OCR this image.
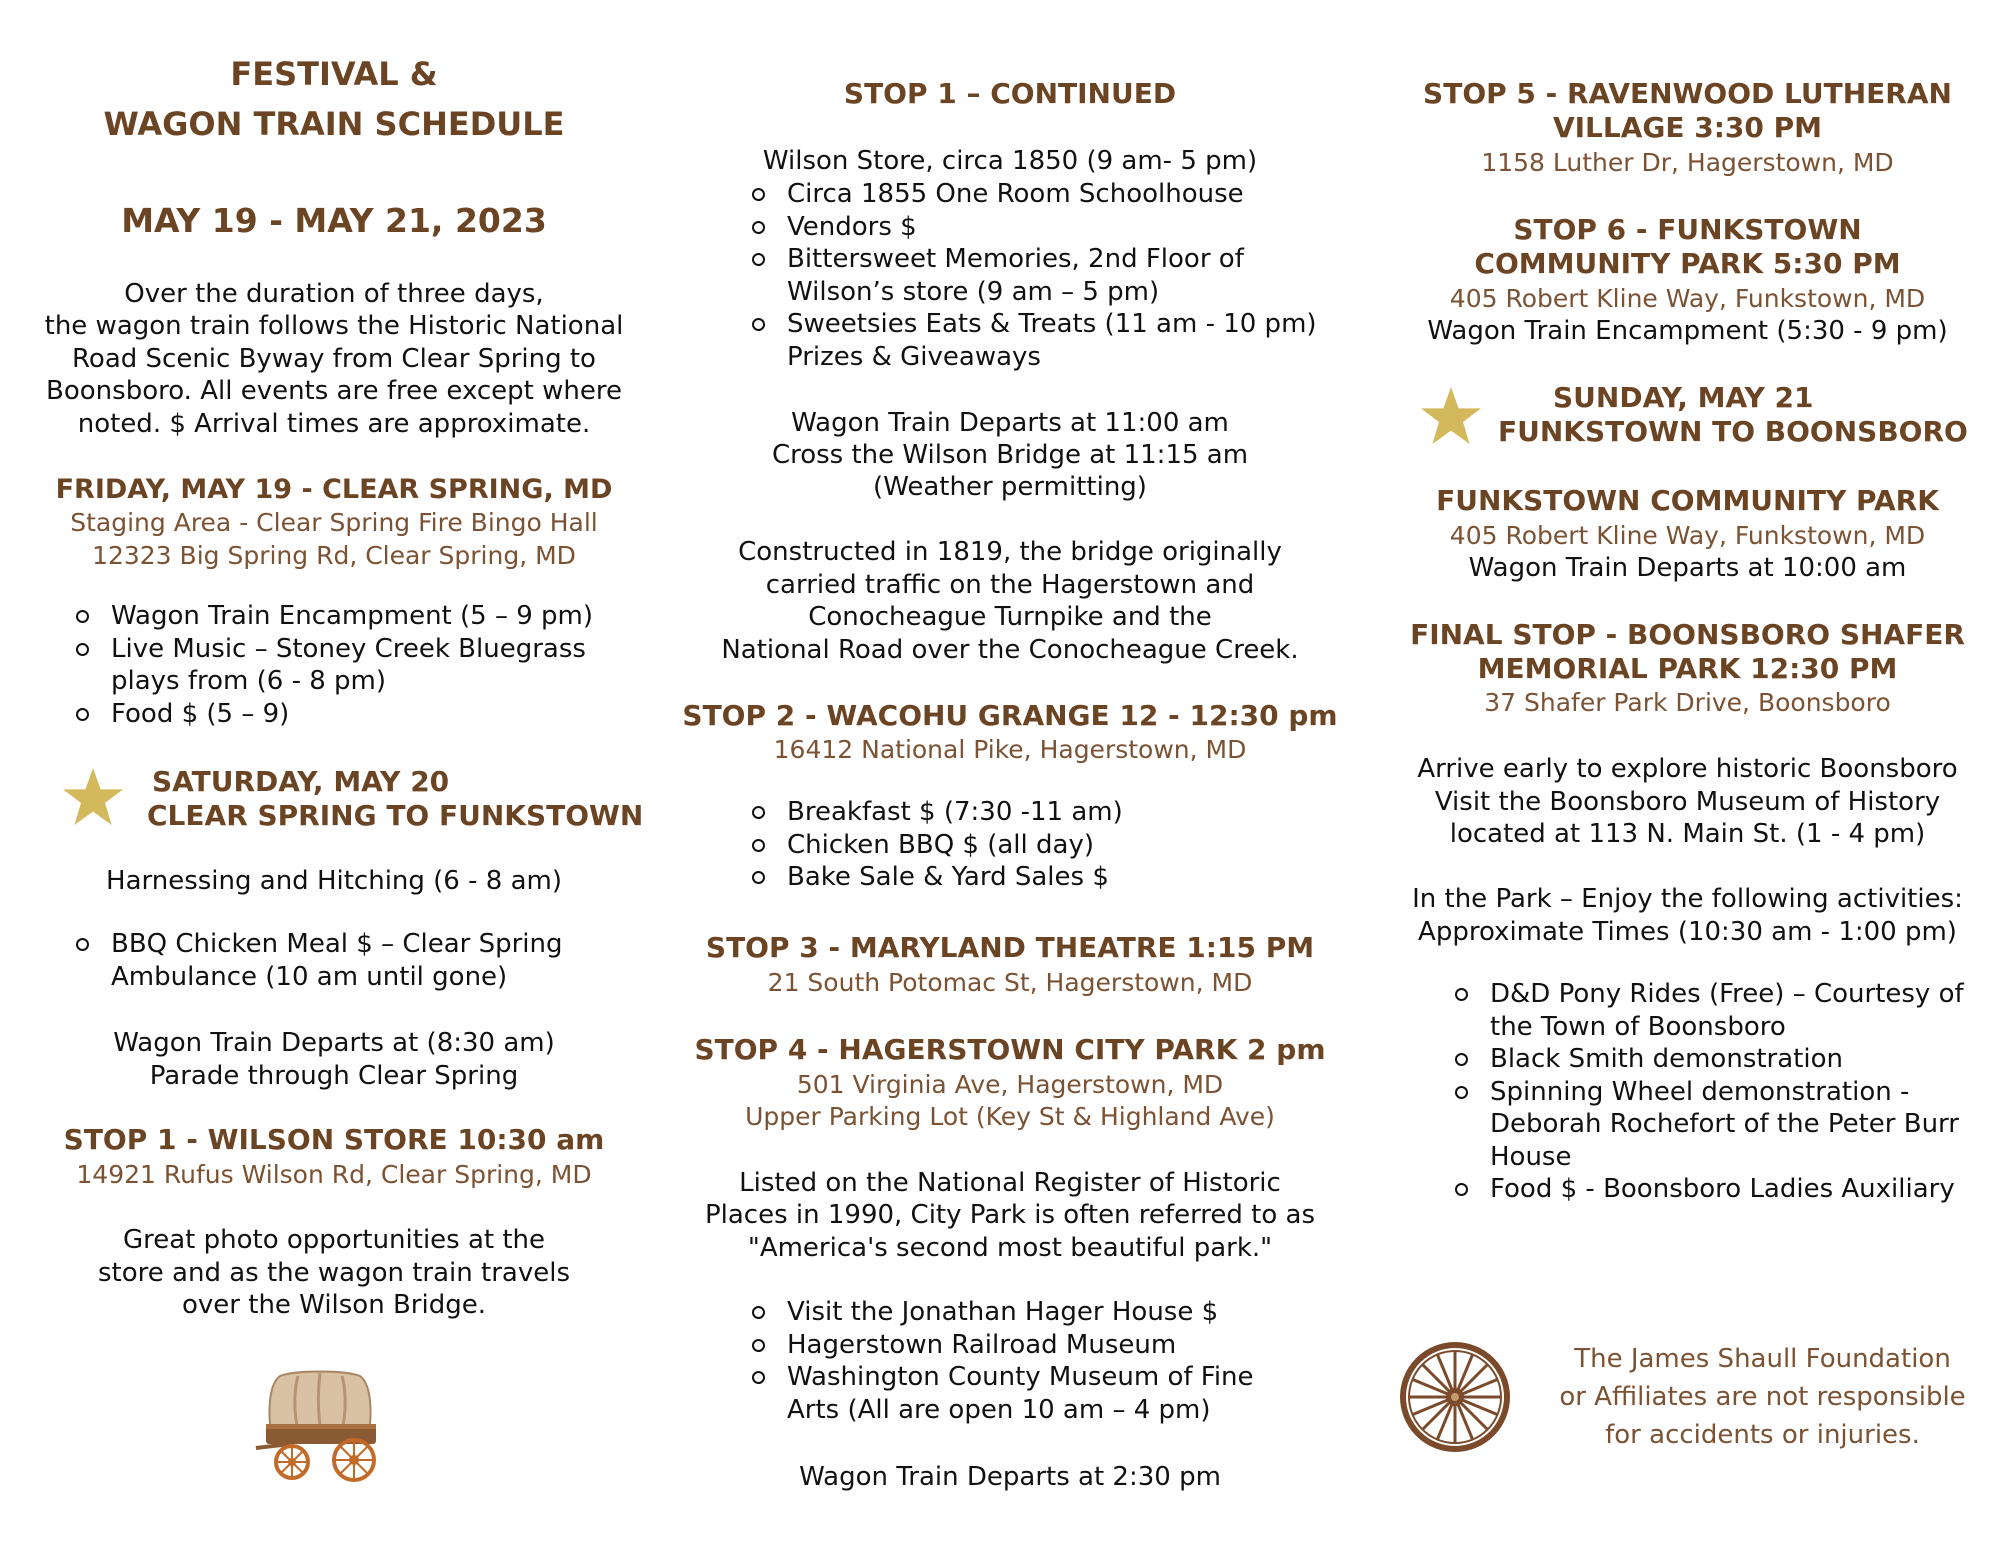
FESTIVAL &
WAGON TRAIN SCHEDULE
MAY 19 - MAY 21, 2023
Over the duration of three days,
the wagon train follows the Historic National
Road Scenic Byway from Clear Spring to
Boonsboro. All events are free except where
noted. $ Arrival times are approximate.
FRIDAY, MAY 19 - CLEAR SPRING, MD
Staging Area - Clear Spring Fire Bingo Hall
12323 Big Spring Rd, Clear Spring, MD
Wagon Train Encampment (5 – 9 pm)
Live Music – Stoney Creek Bluegrass
plays from (6 - 8 pm)
Food $ (5 – 9)
SATURDAY, MAY 20
CLEAR SPRING TO FUNKSTOWN
Harnessing and Hitching (6 - 8 am)
BBQ Chicken Meal $ – Clear Spring
Ambulance (10 am until gone)
Wagon Train Departs at (8:30 am)
Parade through Clear Spring
STOP 1 - WILSON STORE 10:30 am
14921 Rufus Wilson Rd, Clear Spring, MD
Great photo opportunities at the
store and as the wagon train travels
over the Wilson Bridge.
STOP 1 – CONTINUED
Wilson Store, circa 1850 (9 am- 5 pm)
Circa 1855 One Room Schoolhouse
Vendors $
Bittersweet Memories, 2nd Floor of
Wilson’s store (9 am – 5 pm)
Sweetsies Eats & Treats (11 am - 10 pm)
Prizes & Giveaways
Wagon Train Departs at 11:00 am
Cross the Wilson Bridge at 11:15 am
(Weather permitting)
Constructed in 1819, the bridge originally
carried traffic on the Hagerstown and
Conocheague Turnpike and the
National Road over the Conocheague Creek.
STOP 2 - WACOHU GRANGE 12 - 12:30 pm
16412 National Pike, Hagerstown, MD
Breakfast $ (7:30 -11 am)
Chicken BBQ $ (all day)
Bake Sale & Yard Sales $
STOP 3 - MARYLAND THEATRE 1:15 PM
21 South Potomac St, Hagerstown, MD
STOP 4 - HAGERSTOWN CITY PARK 2 pm
501 Virginia Ave, Hagerstown, MD
Upper Parking Lot (Key St & Highland Ave)
Listed on the National Register of Historic
Places in 1990, City Park is often referred to as
"America's second most beautiful park."
Visit the Jonathan Hager House $
Hagerstown Railroad Museum
Washington County Museum of Fine
Arts (All are open 10 am – 4 pm)
Wagon Train Departs at 2:30 pm
STOP 5 - RAVENWOOD LUTHERAN
VILLAGE 3:30 PM
1158 Luther Dr, Hagerstown, MD
STOP 6 - FUNKSTOWN
COMMUNITY PARK 5:30 PM
405 Robert Kline Way, Funkstown, MD
Wagon Train Encampment (5:30 - 9 pm)
SUNDAY, MAY 21
FUNKSTOWN TO BOONSBORO
FUNKSTOWN COMMUNITY PARK
405 Robert Kline Way, Funkstown, MD
Wagon Train Departs at 10:00 am
FINAL STOP - BOONSBORO SHAFER
MEMORIAL PARK 12:30 PM
37 Shafer Park Drive, Boonsboro
Arrive early to explore historic Boonsboro
Visit the Boonsboro Museum of History
located at 113 N. Main St. (1 - 4 pm)
In the Park – Enjoy the following activities:
Approximate Times (10:30 am - 1:00 pm)
D&D Pony Rides (Free) – Courtesy of
the Town of Boonsboro
Black Smith demonstration
Spinning Wheel demonstration -
Deborah Rochefort of the Peter Burr
House
Food $ - Boonsboro Ladies Auxiliary
The James Shaull Foundation
or Affiliates are not responsible
for accidents or injuries.
